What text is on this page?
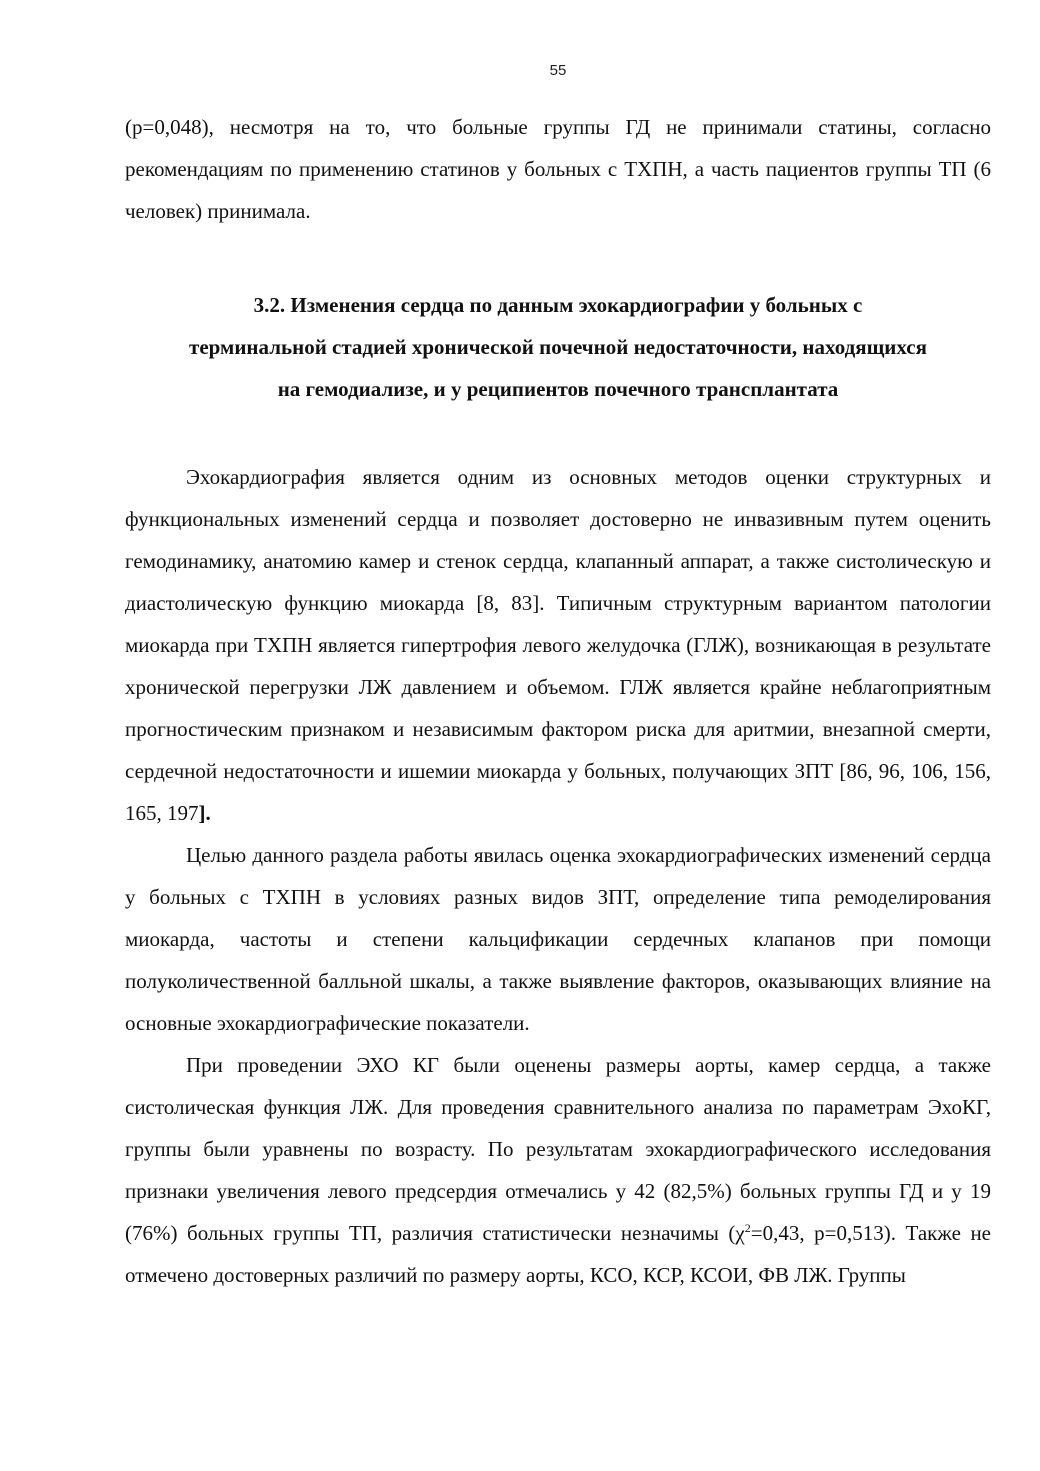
55

(р=0,048), несмотря на то, что больные группы ГД не принимали статины, согласно рекомендациям по применению статинов у больных с ТХПН, а часть пациентов группы ТП (6 человек) принимала.

3.2. Изменения сердца по данным эхокардиографии у больных с
терминальной стадией хронической почечной недостаточности, находящихся
на гемодиализе, и у реципиентов почечного трансплантата

Эхокардиография является одним из основных методов оценки структурных и функциональных изменений сердца и позволяет достоверно не инвазивным путем оценить гемодинамику, анатомию камер и стенок сердца, клапанный аппарат, а также систолическую и диастолическую функцию миокарда [8, 83]. Типичным структурным вариантом патологии миокарда при ТХПН является гипертрофия левого желудочка (ГЛЖ), возникающая в результате хронической перегрузки ЛЖ давлением и объемом. ГЛЖ является крайне неблагоприятным прогностическим признаком и независимым фактором риска для аритмии, внезапной смерти, сердечной недостаточности и ишемии миокарда у больных, получающих ЗПТ [86, 96, 106, 156, 165, 197].

Целью данного раздела работы явилась оценка эхокардиографических изменений сердца у больных с ТХПН в условиях разных видов ЗПТ, определение типа ремоделирования миокарда, частоты и степени кальцификации сердечных клапанов при помощи полуколичественной балльной шкалы, а также выявление факторов, оказывающих влияние на основные эхокардиографические показатели.

При проведении ЭХО КГ были оценены размеры аорты, камер сердца, а также систолическая функция ЛЖ. Для проведения сравнительного анализа по параметрам ЭхоКГ, группы были уравнены по возрасту. По результатам эхокардиографического исследования признаки увеличения левого предсердия отмечались у 42 (82,5%) больных группы ГД и у 19 (76%) больных группы ТП, различия статистически незначимы ($\chi^2=0,43$, р=0,513). Также не отмечено достоверных различий по размеру аорты, КСО, КСР, КСОИ, ФВ ЛЖ. Группы
